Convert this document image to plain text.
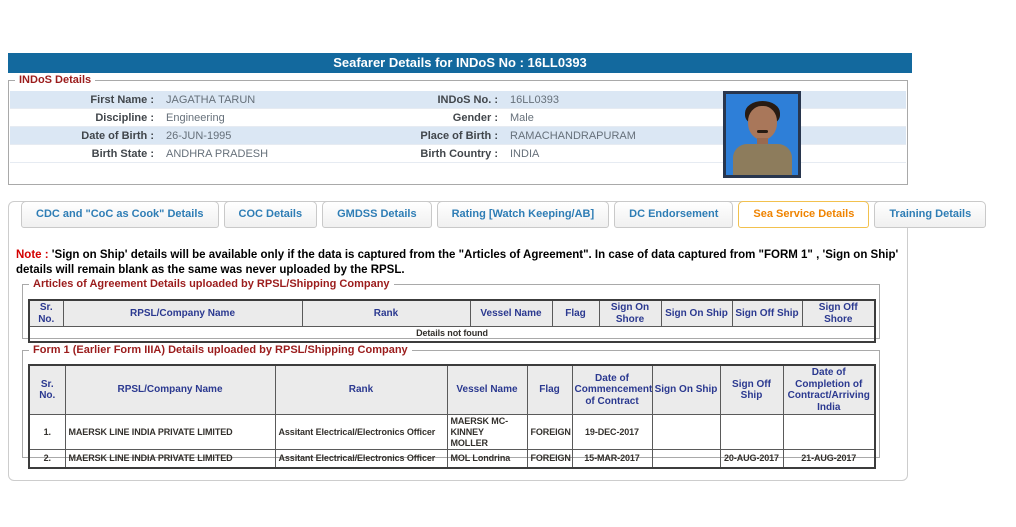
Seafarer Details for INDoS No : 16LL0393
INDoS Details
First Name :	JAGATHA TARUN	INDoS No. :	16LL0393
Discipline :	Engineering	Gender :	Male
Date of Birth :	26-JUN-1995	Place of Birth :	RAMACHANDRAPURAM
Birth State :	ANDHRA PRADESH	Birth Country :	INDIA
CDC and "CoC as Cook" Details	COC Details	GMDSS Details	Rating [Watch Keeping/AB]	DC Endorsement	Sea Service Details	Training Details
Note : 'Sign on Ship' details will be available only if the data is captured from the "Articles of Agreement". In case of data captured from "FORM 1" , 'Sign on Ship' details will remain blank as the same was never uploaded by the RPSL.
Articles of Agreement Details uploaded by RPSL/Shipping Company
Sr. No.	RPSL/Company Name	Rank	Vessel Name	Flag	Sign On Shore	Sign On Ship	Sign Off Ship	Sign Off Shore
Details not found
Form 1 (Earlier Form IIIA) Details uploaded by RPSL/Shipping Company
Sr. No.	RPSL/Company Name	Rank	Vessel Name	Flag	Date of Commencement of Contract	Sign On Ship	Sign Off Ship	Date of Completion of Contract/Arriving India
1.	MAERSK LINE INDIA PRIVATE LIMITED	Assitant Electrical/Electronics Officer	MAERSK MC-KINNEY MOLLER	FOREIGN	19-DEC-2017			
2.	MAERSK LINE INDIA PRIVATE LIMITED	Assitant Electrical/Electronics Officer	MOL Londrina	FOREIGN	15-MAR-2017		20-AUG-2017	21-AUG-2017
